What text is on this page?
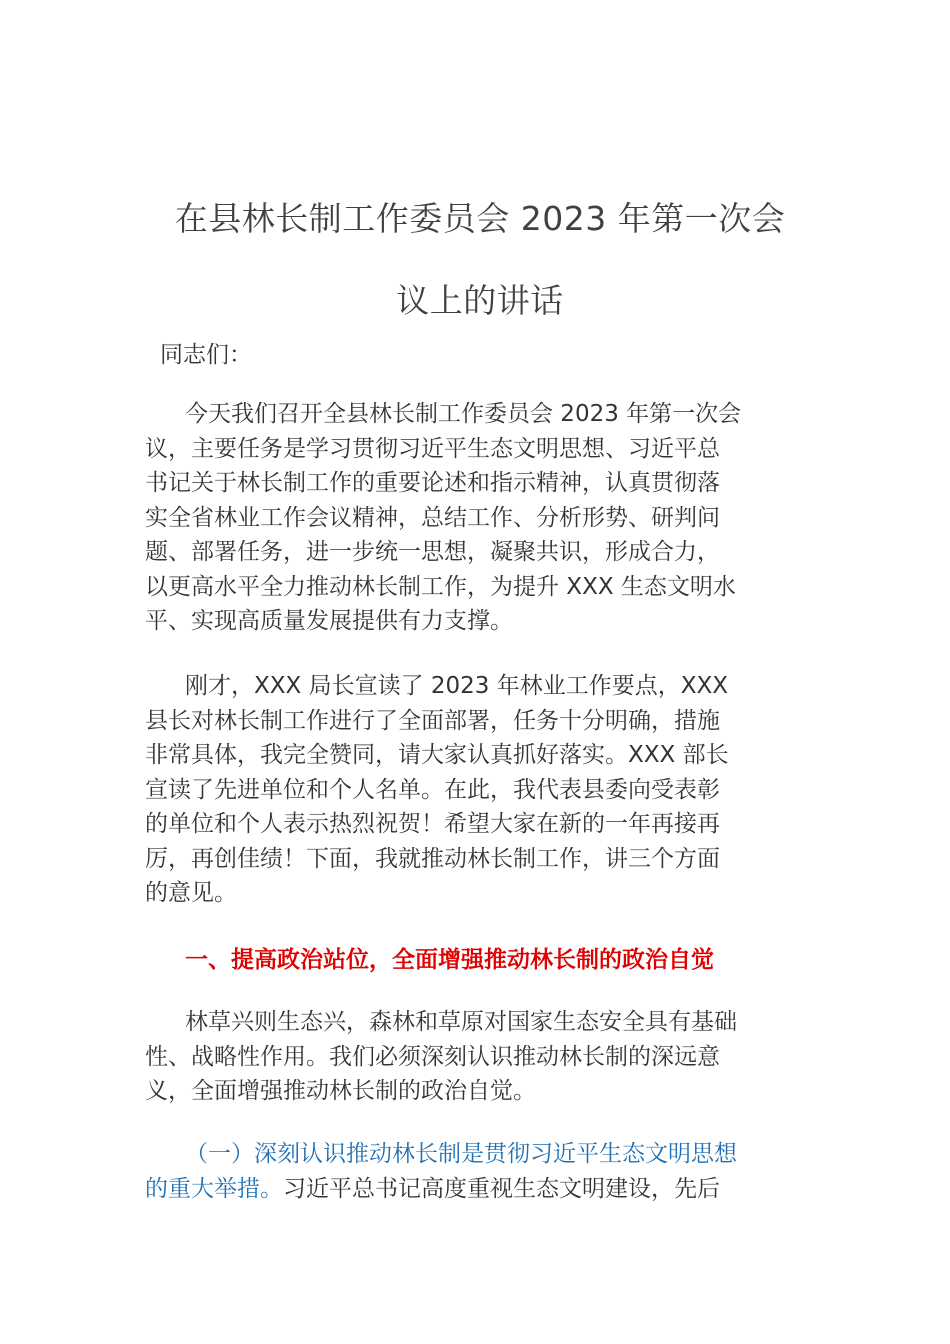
在县林长制工作委员会 2023 年第一次会
议上的讲话
同志们：
今天我们召开全县林长制工作委员会 2023 年第一次会
议，主要任务是学习贯彻习近平生态文明思想、习近平总
书记关于林长制工作的重要论述和指示精神，认真贯彻落
实全省林业工作会议精神，总结工作、分析形势、研判问
题、部署任务，进一步统一思想，凝聚共识，形成合力，
以更高水平全力推动林长制工作，为提升 XXX 生态文明水
平、实现高质量发展提供有力支撑。
刚才，XXX 局长宣读了 2023 年林业工作要点，XXX
县长对林长制工作进行了全面部署，任务十分明确，措施
非常具体，我完全赞同，请大家认真抓好落实。XXX 部长
宣读了先进单位和个人名单。在此，我代表县委向受表彰
的单位和个人表示热烈祝贺！希望大家在新的一年再接再
厉，再创佳绩！下面，我就推动林长制工作，讲三个方面
的意见。
一、提高政治站位，全面增强推动林长制的政治自觉
林草兴则生态兴，森林和草原对国家生态安全具有基础
性、战略性作用。我们必须深刻认识推动林长制的深远意
义，全面增强推动林长制的政治自觉。
（一）深刻认识推动林长制是贯彻习近平生态文明思想
的重大举措。习近平总书记高度重视生态文明建设，先后
